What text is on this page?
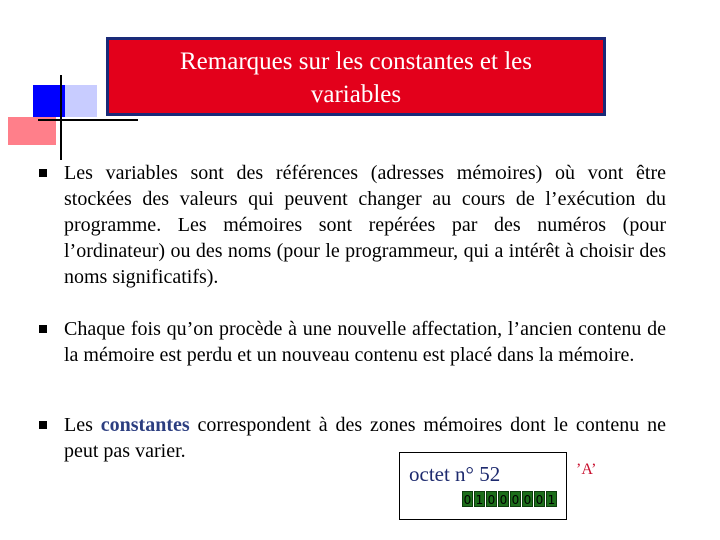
Remarques sur les constantes et les
variables
Les variables sont des références (adresses mémoires) où vont être stockées des valeurs qui peuvent changer au cours de l’exécution du programme. Les mémoires sont repérées par des numéros (pour l’ordinateur) ou des noms (pour le programmeur, qui a intérêt à choisir des noms significatifs).
Chaque fois qu’on procède à une nouvelle affectation, l’ancien contenu de la mémoire est perdu et un nouveau contenu est placé dans la mémoire.
Les constantes correspondent à des zones mémoires dont le contenu ne peut pas varier.
octet n° 52
0 1 0 0 0 0 0 1
’A’
